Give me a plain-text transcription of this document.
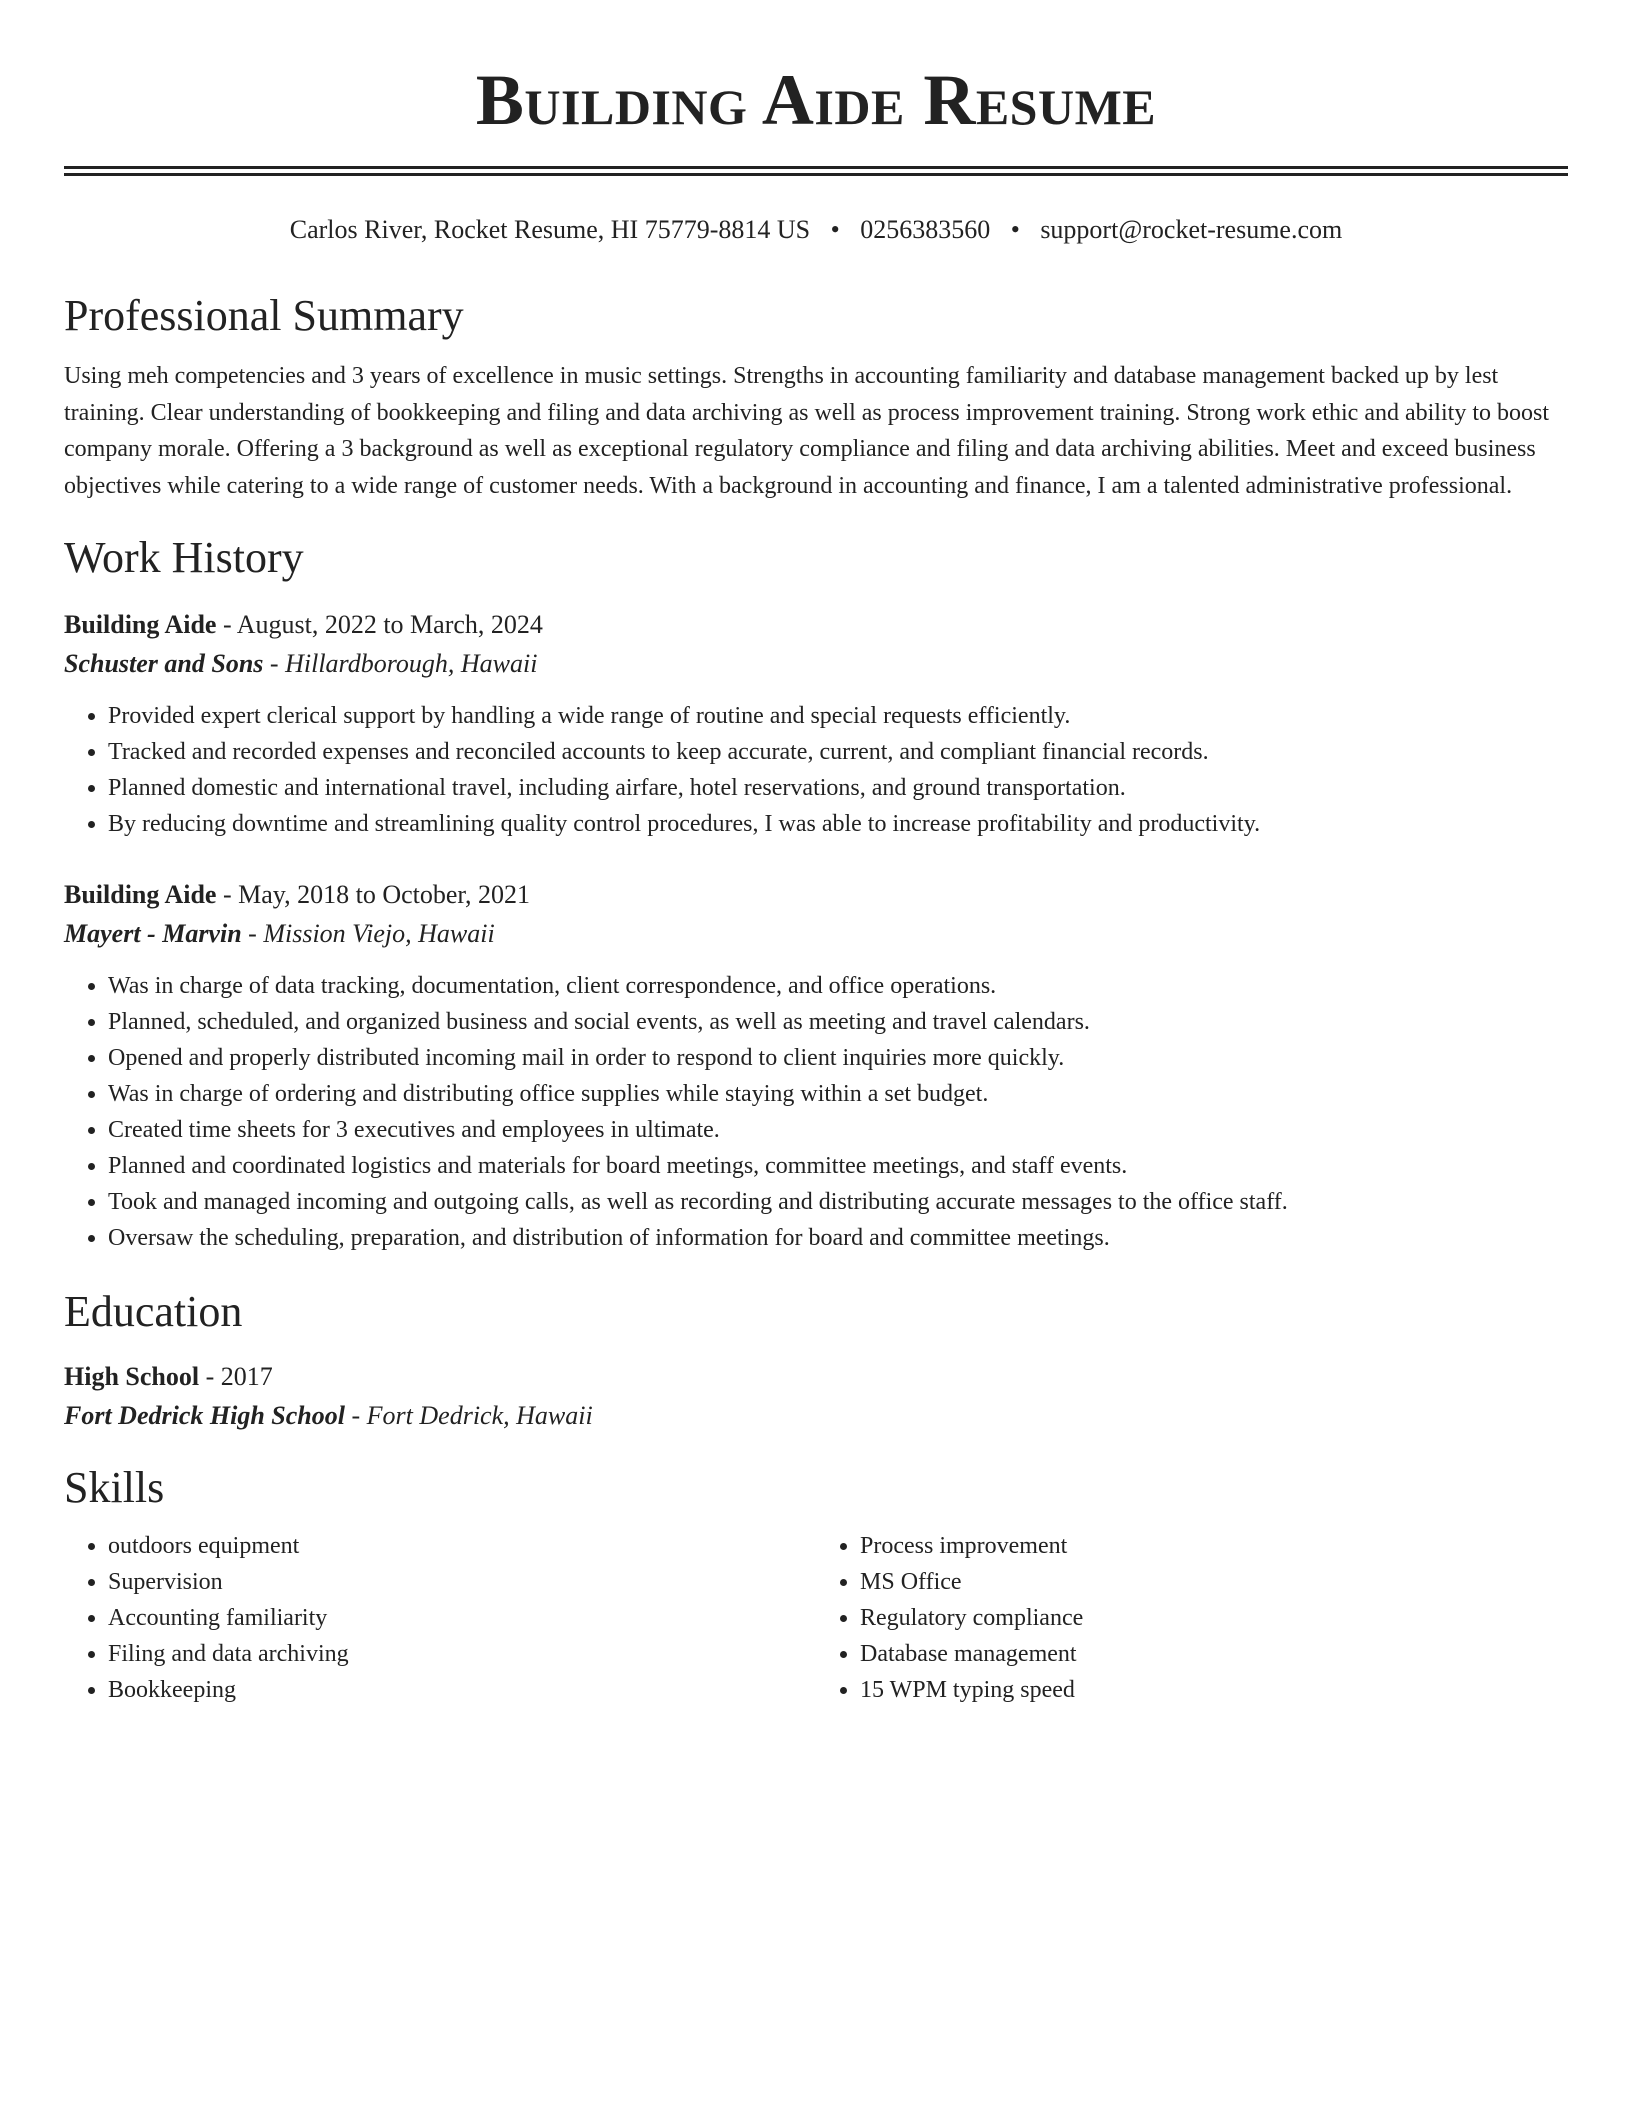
Building Aide Resume
Carlos River, Rocket Resume, HI 75779-8814 US • 0256383560 • support@rocket-resume.com
Professional Summary

Using meh competencies and 3 years of excellence in music settings. Strengths in accounting familiarity and database management backed up by lest training. Clear understanding of bookkeeping and filing and data archiving as well as process improvement training. Strong work ethic and ability to boost company morale. Offering a 3 background as well as exceptional regulatory compliance and filing and data archiving abilities. Meet and exceed business objectives while catering to a wide range of customer needs. With a background in accounting and finance, I am a talented administrative professional.

Work History
Building Aide - August, 2022 to March, 2024
Schuster and Sons - Hillardborough, Hawaii
• Provided expert clerical support by handling a wide range of routine and special requests efficiently.
• Tracked and recorded expenses and reconciled accounts to keep accurate, current, and compliant financial records.
• Planned domestic and international travel, including airfare, hotel reservations, and ground transportation.
• By reducing downtime and streamlining quality control procedures, I was able to increase profitability and productivity.
Building Aide - May, 2018 to October, 2021
Mayert - Marvin - Mission Viejo, Hawaii
• Was in charge of data tracking, documentation, client correspondence, and office operations.
• Planned, scheduled, and organized business and social events, as well as meeting and travel calendars.
• Opened and properly distributed incoming mail in order to respond to client inquiries more quickly.
• Was in charge of ordering and distributing office supplies while staying within a set budget.
• Created time sheets for 3 executives and employees in ultimate.
• Planned and coordinated logistics and materials for board meetings, committee meetings, and staff events.
• Took and managed incoming and outgoing calls, as well as recording and distributing accurate messages to the office staff.
• Oversaw the scheduling, preparation, and distribution of information for board and committee meetings.
Education
High School - 2017
Fort Dedrick High School - Fort Dedrick, Hawaii
Skills
• outdoors equipment
• Supervision
• Accounting familiarity
• Filing and data archiving
• Bookkeeping
• Process improvement
• MS Office
• Regulatory compliance
• Database management
• 15 WPM typing speed
